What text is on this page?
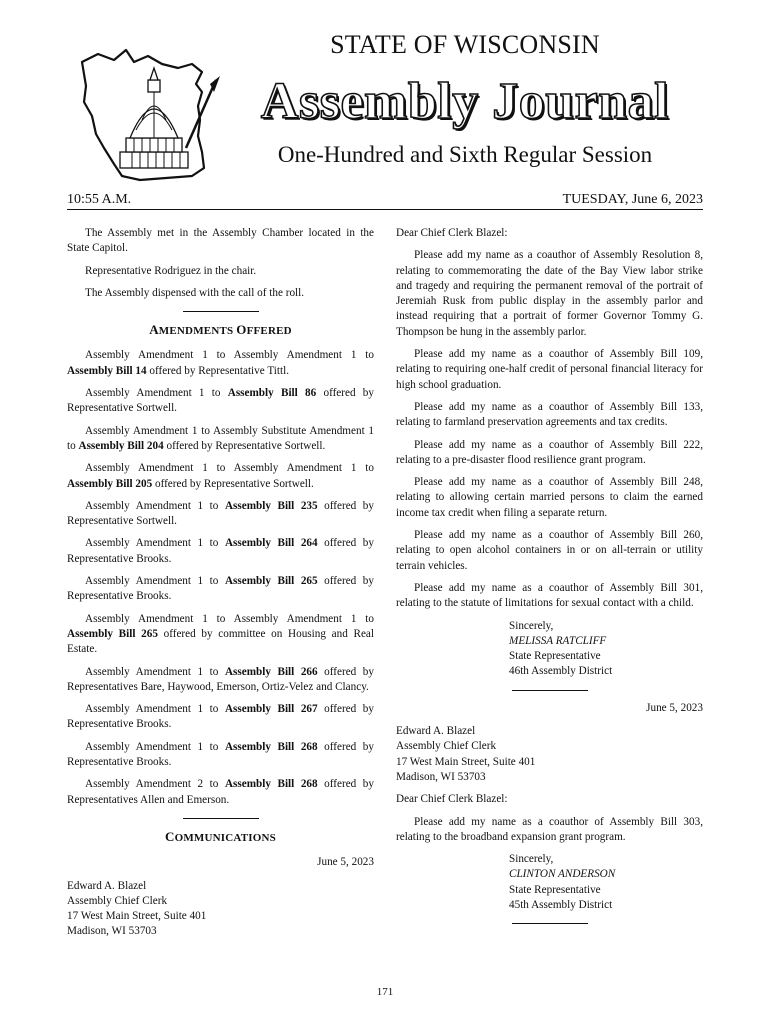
STATE OF WISCONSIN
Assembly Journal
One-Hundred and Sixth Regular Session
10:55 A.M.	TUESDAY, June 6, 2023

The Assembly met in the Assembly Chamber located in the State Capitol.

Representative Rodriguez in the chair.

The Assembly dispensed with the call of the roll.

AMENDMENTS OFFERED

Assembly Amendment 1 to Assembly Amendment 1 to Assembly Bill 14 offered by Representative Tittl.

Assembly Amendment 1 to Assembly Bill 86 offered by Representative Sortwell.

Assembly Amendment 1 to Assembly Substitute Amendment 1 to Assembly Bill 204 offered by Representative Sortwell.

Assembly Amendment 1 to Assembly Amendment 1 to Assembly Bill 205 offered by Representative Sortwell.

Assembly Amendment 1 to Assembly Bill 235 offered by Representative Sortwell.

Assembly Amendment 1 to Assembly Bill 264 offered by Representative Brooks.

Assembly Amendment 1 to Assembly Bill 265 offered by Representative Brooks.

Assembly Amendment 1 to Assembly Amendment 1 to Assembly Bill 265 offered by committee on Housing and Real Estate.

Assembly Amendment 1 to Assembly Bill 266 offered by Representatives Bare, Haywood, Emerson, Ortiz-Velez and Clancy.

Assembly Amendment 1 to Assembly Bill 267 offered by Representative Brooks.

Assembly Amendment 1 to Assembly Bill 268 offered by Representative Brooks.

Assembly Amendment 2 to Assembly Bill 268 offered by Representatives Allen and Emerson.

COMMUNICATIONS
June 5, 2023
Edward A. Blazel
Assembly Chief Clerk
17 West Main Street, Suite 401
Madison, WI 53703

Dear Chief Clerk Blazel:

Please add my name as a coauthor of Assembly Resolution 8, relating to commemorating the date of the Bay View labor strike and tragedy and requiring the permanent removal of the portrait of Jeremiah Rusk from public display in the assembly parlor and instead requiring that a portrait of former Governor Tommy G. Thompson be hung in the assembly parlor.

Please add my name as a coauthor of Assembly Bill 109, relating to requiring one-half credit of personal financial literacy for high school graduation.

Please add my name as a coauthor of Assembly Bill 133, relating to farmland preservation agreements and tax credits.

Please add my name as a coauthor of Assembly Bill 222, relating to a pre-disaster flood resilience grant program.

Please add my name as a coauthor of Assembly Bill 248, relating to allowing certain married persons to claim the earned income tax credit when filing a separate return.

Please add my name as a coauthor of Assembly Bill 260, relating to open alcohol containers in or on all-terrain or utility terrain vehicles.

Please add my name as a coauthor of Assembly Bill 301, relating to the statute of limitations for sexual contact with a child.

Sincerely,
MELISSA RATCLIFF
State Representative
46th Assembly District
June 5, 2023
Edward A. Blazel
Assembly Chief Clerk
17 West Main Street, Suite 401
Madison, WI 53703

Dear Chief Clerk Blazel:

Please add my name as a coauthor of Assembly Bill 303, relating to the broadband expansion grant program.

Sincerely,
CLINTON ANDERSON
State Representative
45th Assembly District
171
